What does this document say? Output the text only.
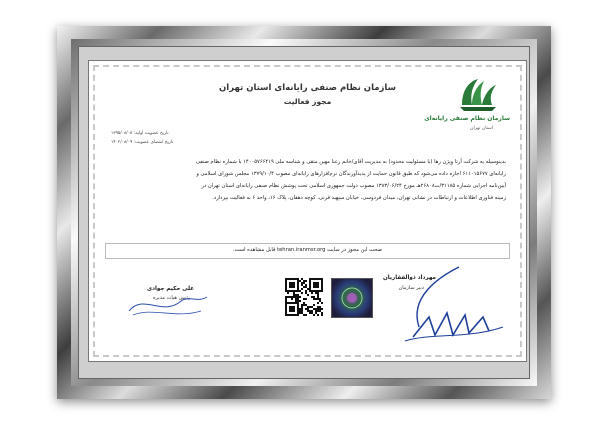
سازمان نظام صنفی رایانه‌ای استان تهران
مجوز فعالیت
سازمان نظام صنفی رایانه‌ای
استان تهران
تاریخ عضویت اولیه: ۱۳۹۵/۰۸/۰۸
تاریخ انقضای عضویت: ۱۴۰۲/۰۸/۰۹
بدینوسیله به شرکت آرتا وِیژن رها (با مسئولیت محدود) به مدیریت آقای/خانم رعنا مهین متقی و شناسه ملی ۱۴۰۰۵۷۶۶۴۱۹ با شماره نظام صنفی
رایانه‌ای ۶۱۱۰۱۵۶۷۷ اجازه داده می‌شود که طبق قانون حمایت از پدیدآورندگان نرم‌افزارهای رایانه‌ای مصوب ۱۳۷۹/۱۰/۴ مجلس شورای اسلامی و
آیین‌نامه اجرایی شماره ۳۱۱۸۵/ت۲۶۸۰۸هـ مورخ ۱۳۸۳/۰۶/۲۴ مصوب دولت جمهوری اسلامی تحت پوشش نظام صنفی رایانه‌ای استان تهران در
زمینه فناوری اطلاعات و ارتباطات در نشانی تهران، میدان فردوسی، خیابان سپهبد قرنی، کوچه دهقان، پلاک ۱۶، واحد ۶ به فعالیت بپردازد.
صحت این مجوز در سایت tehran.iranmsr.org قابل مشاهده است.
علی حکیم جوادی
رئیس هیات مدیره
مهرداد ذوالفقاریان
دبیر سازمان
